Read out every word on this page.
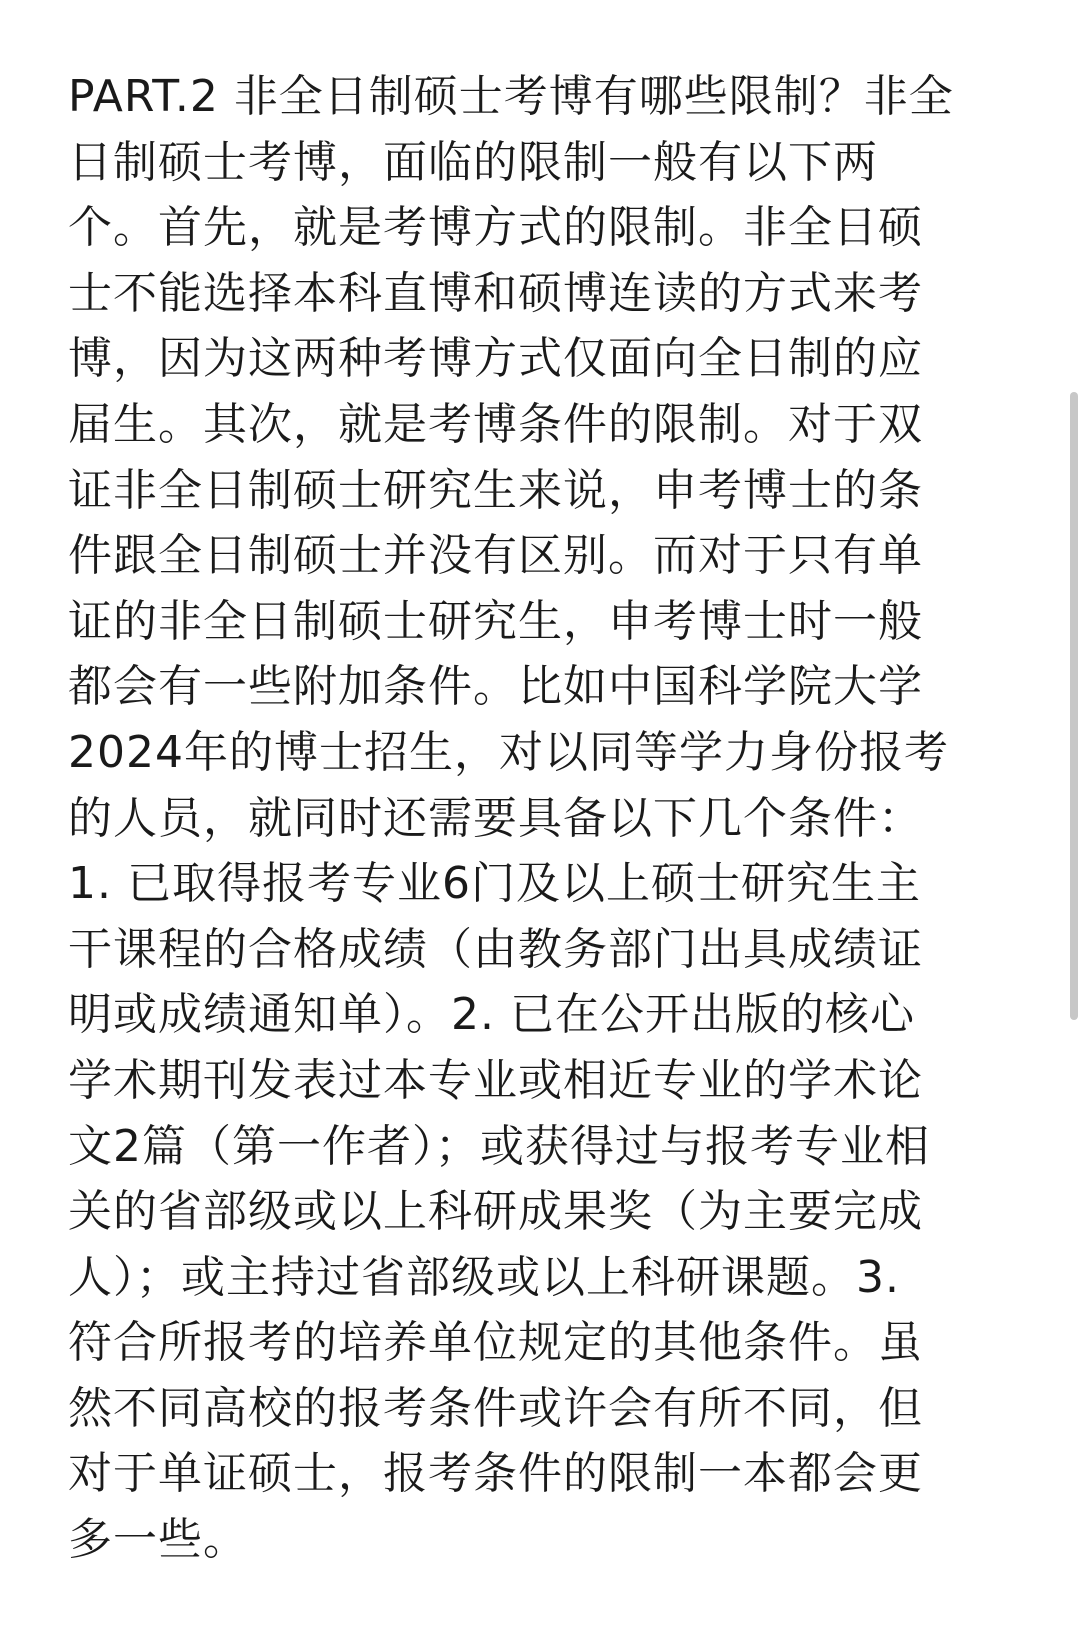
PART.2 非全日制硕士考博有哪些限制？非全
日制硕士考博，面临的限制一般有以下两
个。首先，就是考博方式的限制。非全日硕
士不能选择本科直博和硕博连读的方式来考
博，因为这两种考博方式仅面向全日制的应
届生。其次，就是考博条件的限制。对于双
证非全日制硕士研究生来说，申考博士的条
件跟全日制硕士并没有区别。而对于只有单
证的非全日制硕士研究生，申考博士时一般
都会有一些附加条件。比如中国科学院大学
2024年的博士招生，对以同等学力身份报考
的人员，就同时还需要具备以下几个条件：
1. 已取得报考专业6门及以上硕士研究生主
干课程的合格成绩（由教务部门出具成绩证
明或成绩通知单）。2. 已在公开出版的核心
学术期刊发表过本专业或相近专业的学术论
文2篇（第一作者）；或获得过与报考专业相
关的省部级或以上科研成果奖（为主要完成
人）；或主持过省部级或以上科研课题。3.
符合所报考的培养单位规定的其他条件。虽
然不同高校的报考条件或许会有所不同，但
对于单证硕士，报考条件的限制一本都会更
多一些。
